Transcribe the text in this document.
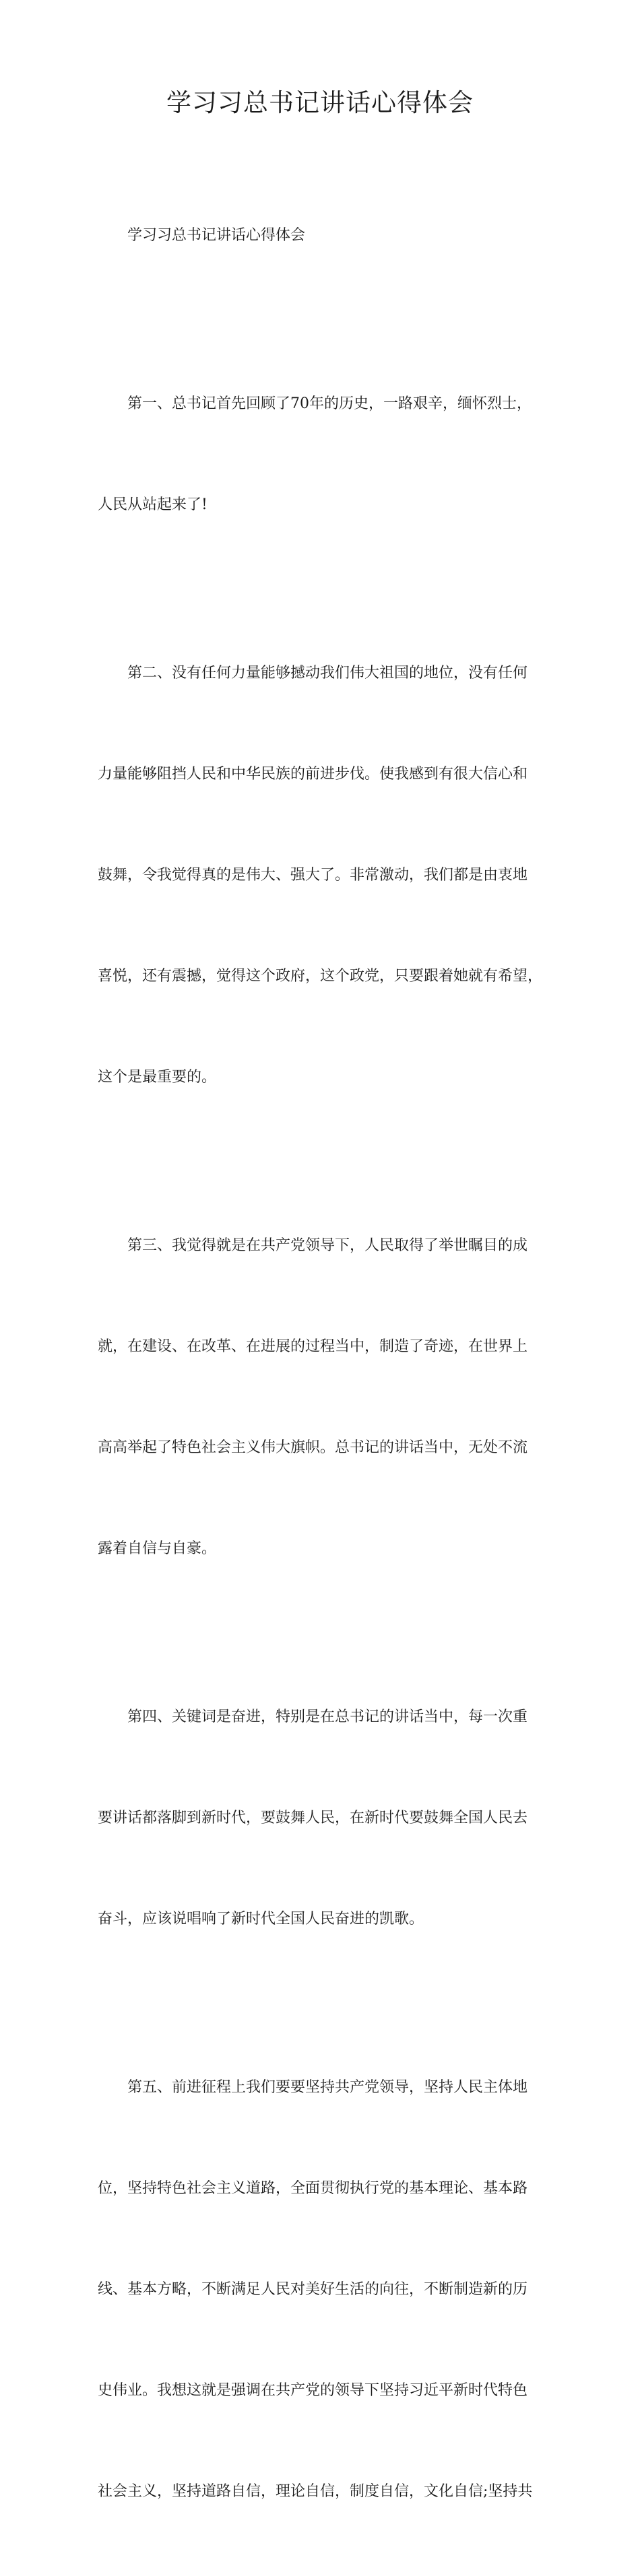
学习习总书记讲话心得体会

学习习总书记讲话心得体会

第一、总书记首先回顾了70年的历史，一路艰辛，缅怀烈士，

人民从站起来了!

第二、没有任何力量能够撼动我们伟大祖国的地位，没有任何

力量能够阻挡人民和中华民族的前进步伐。使我感到有很大信心和

鼓舞，令我觉得真的是伟大、强大了。非常激动，我们都是由衷地

喜悦，还有震撼，觉得这个政府，这个政党，只要跟着她就有希望，

这个是最重要的。

第三、我觉得就是在共产党领导下，人民取得了举世瞩目的成

就，在建设、在改革、在进展的过程当中，制造了奇迹，在世界上

高高举起了特色社会主义伟大旗帜。总书记的讲话当中，无处不流

露着自信与自豪。

第四、关键词是奋进，特别是在总书记的讲话当中，每一次重

要讲话都落脚到新时代，要鼓舞人民，在新时代要鼓舞全国人民去

奋斗，应该说唱响了新时代全国人民奋进的凯歌。

第五、前进征程上我们要要坚持共产党领导，坚持人民主体地

位，坚持特色社会主义道路，全面贯彻执行党的基本理论、基本路

线、基本方略，不断满足人民对美好生活的向往，不断制造新的历

史伟业。我想这就是强调在共产党的领导下坚持习近平新时代特色

社会主义，坚持道路自信，理论自信，制度自信，文化自信;坚持共
